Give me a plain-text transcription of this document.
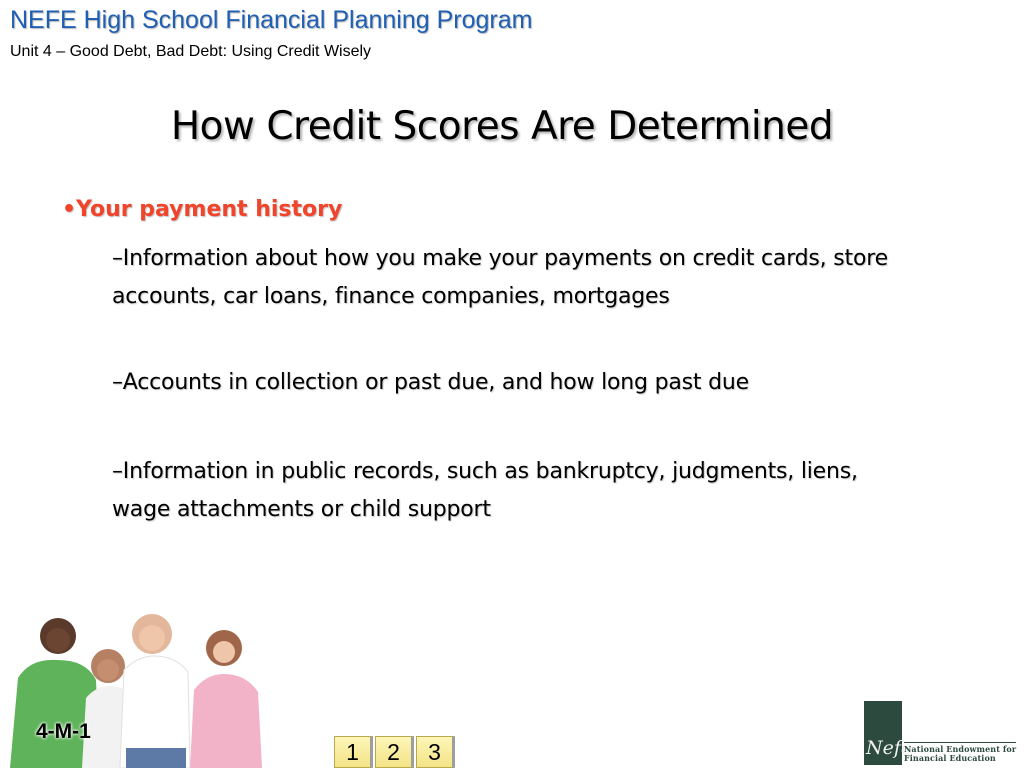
NEFE High School Financial Planning Program
Unit 4 – Good Debt, Bad Debt: Using Credit Wisely
How Credit Scores Are Determined
•Your payment history
–Information about how you make your payments on credit cards, store accounts, car loans, finance companies, mortgages
–Accounts in collection or past due, and how long past due
–Information in public records, such as bankruptcy, judgments, liens, wage attachments or child support
4-M-1
1	2	3	Nefe
National Endowment for
Financial Education
